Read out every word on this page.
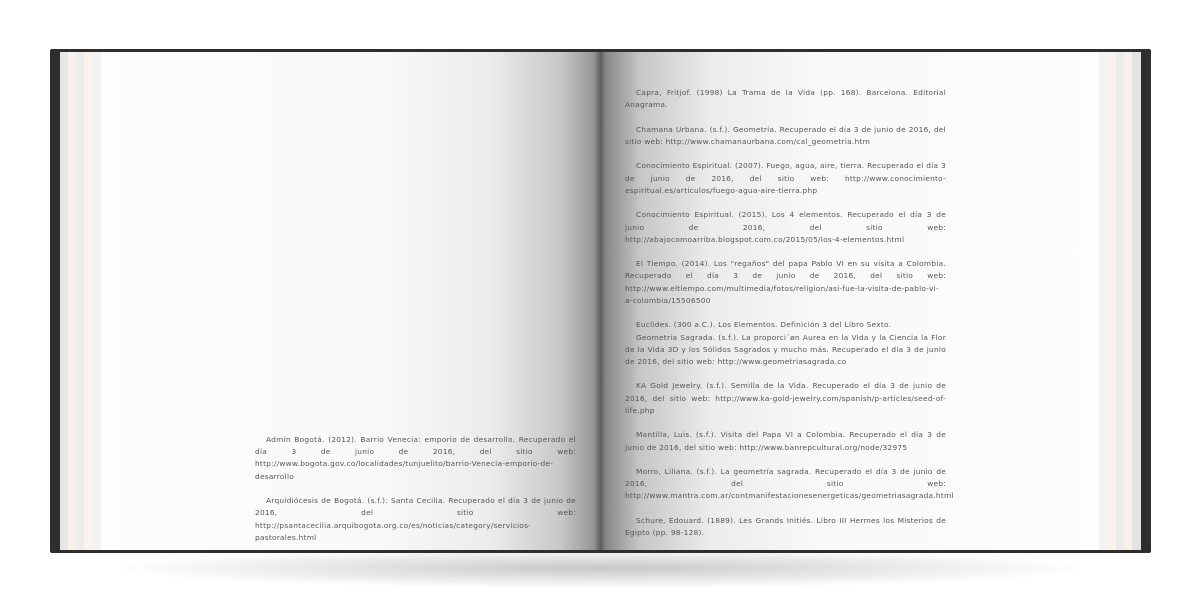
Admin Bogotá. (2012). Barrio Venecia: emporio de desarrollo. Recuperado el día 3 de junio de 2016, del sitio web: http://www.bogota.gov.co/localidades/tunjuelito/barrio-Venecia-emporio-de-desarrollo

Arquidiócesis de Bogotá. (s.f.). Santa Cecilia. Recuperado el día 3 de junio de 2016, del sitio web: http://psantacecilia.arquibogota.org.co/es/noticias/category/servicios-pastorales.html

Capra, Fritjof. (1998) La Trama de la Vida (pp. 168). Barcelona. Editorial Anagrama.

Chamana Urbana. (s.f.). Geometría. Recuperado el día 3 de junio de 2016, del sitio web: http://www.chamanaurbana.com/cal_geometria.htm

Conocimiento Espiritual. (2007). Fuego, agua, aire, tierra. Recuperado el día 3 de junio de 2016, del sitio web: http://www.conocimiento-espiritual.es/articulos/fuego-agua-aire-tierra.php

Conocimiento Espiritual. (2015). Los 4 elementos. Recuperado el día 3 de junio de 2016, del sitio web: http://abajocomoarriba.blogspot.com.co/2015/05/los-4-elementos.html

El Tiempo. (2014). Los "regaños" del papa Pablo VI en su visita a Colombia. Recuperado el día 3 de junio de 2016, del sitio web: http://www.eltiempo.com/multimedia/fotos/religion/asi-fue-la-visita-de-pablo-vi-a-colombia/15506500

Euclides. (300 a.C.). Los Elementos. Definición 3 del Libro Sexto.

Geometría Sagrada. (s.f.). La proporci´øn Aurea en la Vida y la Ciencia la Flor de la Vida 3D y los Sólidos Sagrados y mucho más. Recuperado el día 3 de junio de 2016, del sitio web: http://www.geometriasagrada.co

KA Gold Jewelry. (s.f.). Semilla de la Vida. Recuperado el día 3 de junio de 2016, del sitio web: http://www.ka-gold-jewelry.com/spanish/p-articles/seed-of-life.php

Mantilla, Luis. (s.f.). Visita del Papa VI a Colombia. Recuperado el día 3 de junio de 2016, del sitio web: http://www.banrepcultural.org/node/32975

Morro, Liliana. (s.f.). La geometría sagrada. Recuperado el día 3 de junio de 2016, del sitio web: http://www.mantra.com.ar/contmanifestacionesenergeticas/geometriasagrada.html

Schure, Edouard. (1889). Les Grands Initiés. Libro III Hermes los Misterios de Egipto (pp. 98-128).
